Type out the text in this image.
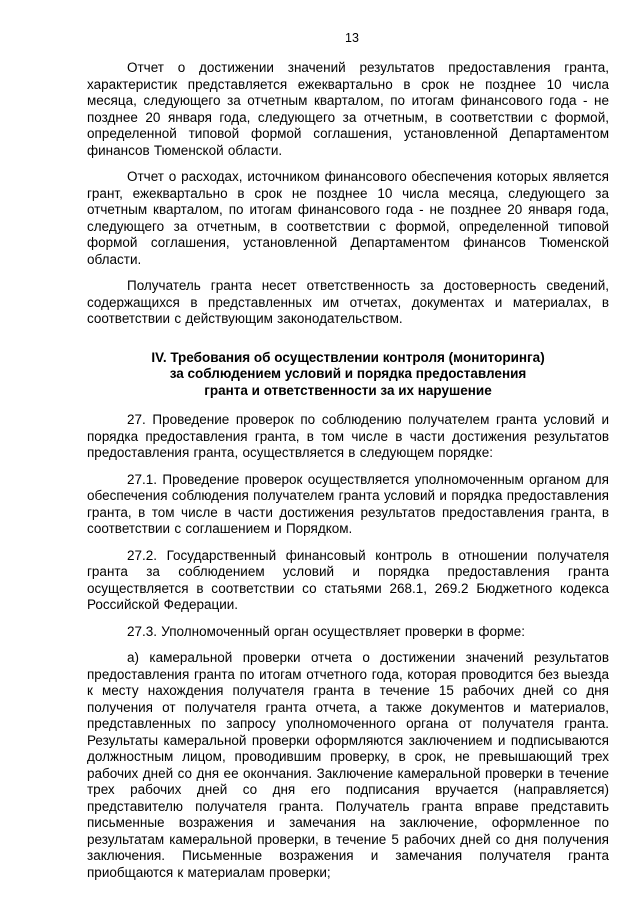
13

Отчет о достижении значений результатов предоставления гранта, характеристик представляется ежеквартально в срок не позднее 10 числа месяца, следующего за отчетным кварталом, по итогам финансового года - не позднее 20 января года, следующего за отчетным, в соответствии с формой, определенной типовой формой соглашения, установленной Департаментом финансов Тюменской области.

Отчет о расходах, источником финансового обеспечения которых является грант, ежеквартально в срок не позднее 10 числа месяца, следующего за отчетным кварталом, по итогам финансового года - не позднее 20 января года, следующего за отчетным, в соответствии с формой, определенной типовой формой соглашения, установленной Департаментом финансов Тюменской области.

Получатель гранта несет ответственность за достоверность сведений, содержащихся в представленных им отчетах, документах и материалах, в соответствии с действующим законодательством.

IV. Требования об осуществлении контроля (мониторинга)
за соблюдением условий и порядка предоставления
гранта и ответственности за их нарушение

27. Проведение проверок по соблюдению получателем гранта условий и порядка предоставления гранта, в том числе в части достижения результатов предоставления гранта, осуществляется в следующем порядке:

27.1. Проведение проверок осуществляется уполномоченным органом для обеспечения соблюдения получателем гранта условий и порядка предоставления гранта, в том числе в части достижения результатов предоставления гранта, в соответствии с соглашением и Порядком.

27.2. Государственный финансовый контроль в отношении получателя гранта за соблюдением условий и порядка предоставления гранта осуществляется в соответствии со статьями 268.1, 269.2 Бюджетного кодекса Российской Федерации.

27.3. Уполномоченный орган осуществляет проверки в форме:

а) камеральной проверки отчета о достижении значений результатов предоставления гранта по итогам отчетного года, которая проводится без выезда к месту нахождения получателя гранта в течение 15 рабочих дней со дня получения от получателя гранта отчета, а также документов и материалов, представленных по запросу уполномоченного органа от получателя гранта. Результаты камеральной проверки оформляются заключением и подписываются должностным лицом, проводившим проверку, в срок, не превышающий трех рабочих дней со дня ее окончания. Заключение камеральной проверки в течение трех рабочих дней со дня его подписания вручается (направляется) представителю получателя гранта. Получатель гранта вправе представить письменные возражения и замечания на заключение, оформленное по результатам камеральной проверки, в течение 5 рабочих дней со дня получения заключения. Письменные возражения и замечания получателя гранта приобщаются к материалам проверки;
